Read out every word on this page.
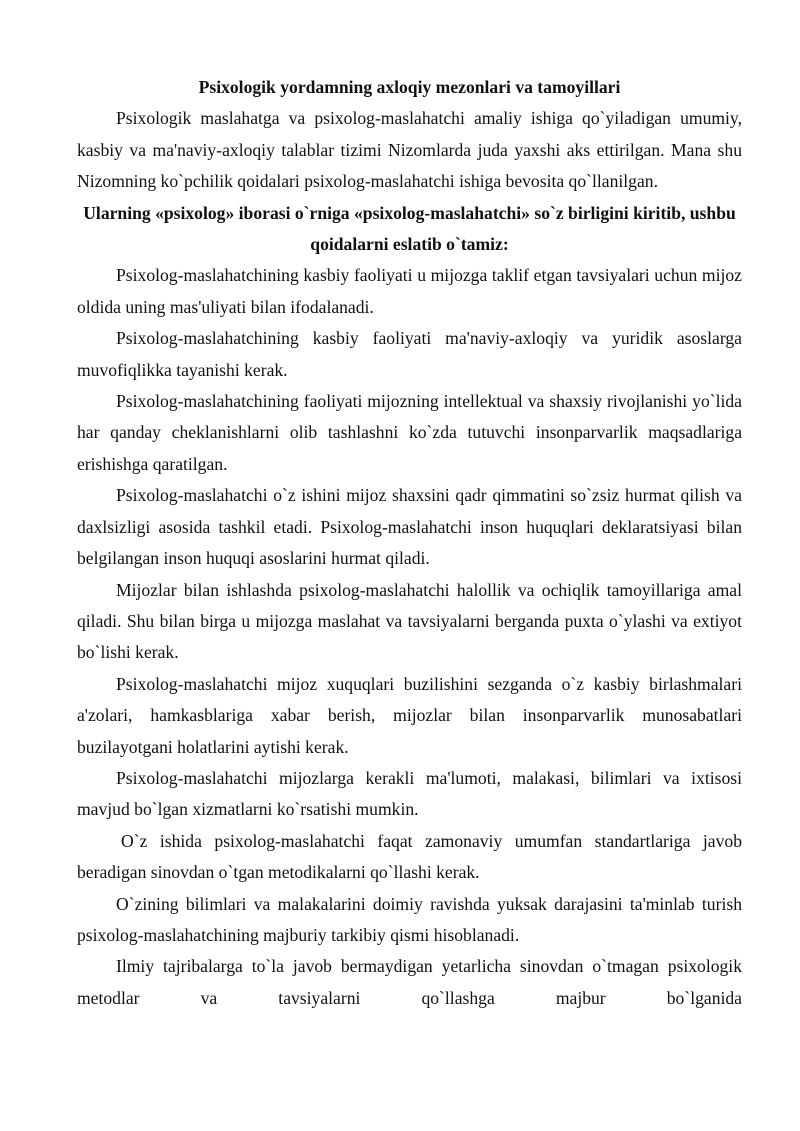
Psixologik yordamning axloqiy mezonlari va tamoyillari

Psixologik maslahatga va psixolog-maslahatchi amaliy ishiga qo`yiladigan umumiy, kasbiy va ma'naviy-axloqiy talablar tizimi Nizomlarda juda yaxshi aks ettirilgan. Mana shu Nizomning ko`pchilik qoidalari psixolog-maslahatchi ishiga bevosita qo`llanilgan.

Ularning «psixolog» iborasi o`rniga «psixolog-maslahatchi» so`z birligini kiritib, ushbu qoidalarni eslatib o`tamiz:

Psixolog-maslahatchining kasbiy faoliyati u mijozga taklif etgan tavsiyalari uchun mijoz oldida uning mas'uliyati bilan ifodalanadi.

Psixolog-maslahatchining kasbiy faoliyati ma'naviy-axloqiy va yuridik asoslarga muvofiqlikka tayanishi kerak.

Psixolog-maslahatchining faoliyati mijozning intellektual va shaxsiy rivojlanishi yo`lida har qanday cheklanishlarni olib tashlashni ko`zda tutuvchi insonparvarlik maqsadlariga erishishga qaratilgan.

Psixolog-maslahatchi o`z ishini mijoz shaxsini qadr qimmatini so`zsiz hurmat qilish va daxlsizligi asosida tashkil etadi. Psixolog-maslahatchi inson huquqlari deklaratsiyasi bilan belgilangan inson huquqi asoslarini hurmat qiladi.

Mijozlar bilan ishlashda psixolog-maslahatchi halollik va ochiqlik tamoyillariga amal qiladi. Shu bilan birga u mijozga maslahat va tavsiyalarni berganda puxta o`ylashi va extiyot bo`lishi kerak.

Psixolog-maslahatchi mijoz xuquqlari buzilishini sezganda o`z kasbiy birlashmalari a'zolari, hamkasblariga xabar berish, mijozlar bilan insonparvarlik munosabatlari buzilayotgani holatlarini aytishi kerak.

Psixolog-maslahatchi mijozlarga kerakli ma'lumoti, malakasi, bilimlari va ixtisosi mavjud bo`lgan xizmatlarni ko`rsatishi mumkin.

O`z ishida psixolog-maslahatchi faqat zamonaviy umumfan standartlariga javob beradigan sinovdan o`tgan metodikalarni qo`llashi kerak.

O`zining bilimlari va malakalarini doimiy ravishda yuksak darajasini ta'minlab turish psixolog-maslahatchining majburiy tarkibiy qismi hisoblanadi.

Ilmiy tajribalarga to`la javob bermaydigan yetarlicha sinovdan o`tmagan psixologik metodlar va tavsiyalarni qo`llashga majbur bo`lganida
